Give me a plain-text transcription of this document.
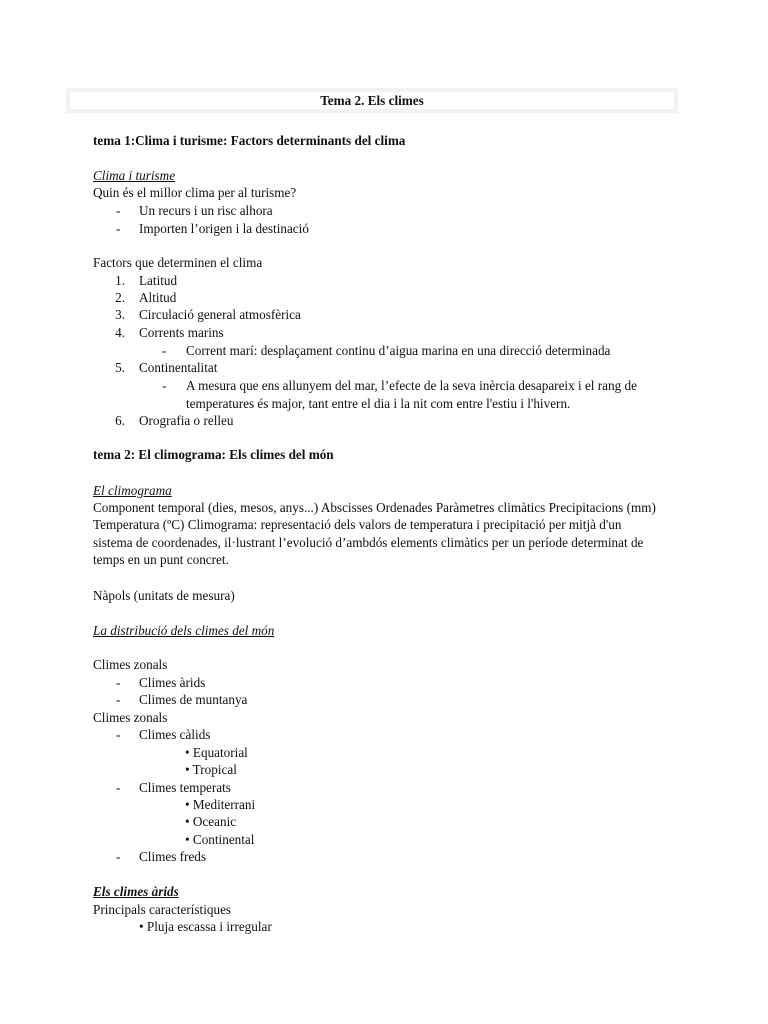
Tema 2. Els climes
tema 1:Clima i turisme: Factors determinants del clima
Clima i turisme
Quin és el millor clima per al turisme?
- Un recurs i un risc alhora
- Importen l’origen i la destinació
Factors que determinen el clima
1. Latitud
2. Altitud
3. Circulació general atmosfèrica
4. Corrents marins
- Corrent marí: desplaçament continu d’aigua marina en una direcció determinada
5. Continentalitat
- A mesura que ens allunyem del mar, l’efecte de la seva inèrcia desapareix i el rang de
temperatures és major, tant entre el dia i la nit com entre l'estiu i l'hivern.
6. Orografia o relleu
tema 2: El climograma: Els climes del món
El climograma
Component temporal (dies, mesos, anys...) Abscisses Ordenades Paràmetres climàtics Precipitacions (mm)
Temperatura (ºC) Climograma: representació dels valors de temperatura i precipitació per mitjà d'un
sistema de coordenades, il·lustrant l’evolució d’ambdós elements climàtics per un període determinat de
temps en un punt concret.
Nàpols (unitats de mesura)
La distribució dels climes del món
Climes zonals
- Climes àrids
- Climes de muntanya
Climes zonals
- Climes càlids
• Equatorial
• Tropical
- Climes temperats
• Mediterrani
• Oceanic
• Continental
- Climes freds
Els climes àrids
Principals característiques
• Pluja escassa i irregular
